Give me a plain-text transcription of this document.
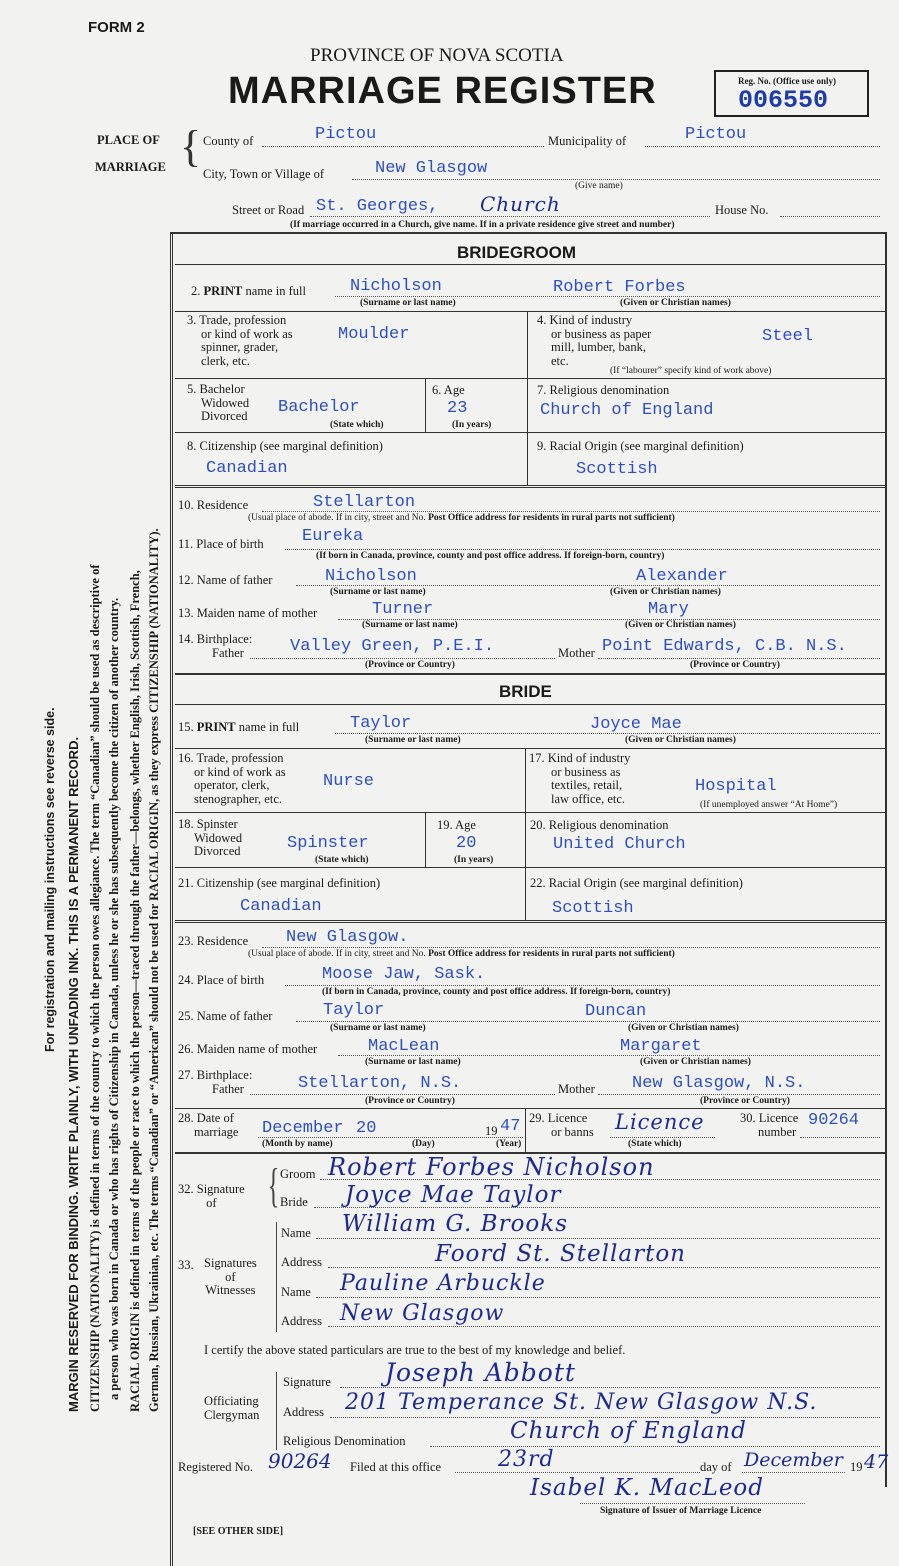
FORM 2
PROVINCE OF NOVA SCOTIA
MARRIAGE REGISTER	Reg. No. (Office use only)
006550
For registration and mailing instructions see reverse side. MARGIN RESERVED FOR BINDING. WRITE PLAINLY, WITH UNFADING INK. THIS IS A PERMANENT RECORD. CITIZENSHIP (NATIONALITY) is defined in terms of the country to which the person owes allegiance. The term “Canadian” should be used as descriptive of a person who was born in Canada or who has rights of Citizenship in Canada, unless he or she has subsequently become the citizen of another country. RACIAL ORIGIN is defined in terms of the people or race to which the person—traced through the father—belongs, whether English, Irish, Scottish, French, German, Russian, Ukrainian, etc. The terms “Canadian” or “American” should not be used for RACIAL ORIGIN, as they express CITIZENSHIP (NATIONALITY).
PLACE OF
MARRIAGE { County of	Pictou	Municipality of	Pictou
City, Town or Village of	New Glasgow
(Give name)
Street or Road St. Georges, Church	House No.
(If marriage occurred in a Church, give name. If in a private residence give street and number)
BRIDEGROOM
2. PRINT name in full	Nicholson	Robert Forbes
(Surname or last name)	(Given or Christian names)
3. Trade, profession
or kind of work as
spinner, grader,
clerk, etc.
Moulder
4. Kind of industry
or business as paper
mill, lumber, bank,
etc.
Steel
(If “labourer” specify kind of work above)
5. Bachelor
Widowed
Divorced Bachelor
(State which)
6. Age
23
(In years)
7. Religious denomination
Church of England
8. Citizenship (see marginal definition)
Canadian
9. Racial Origin (see marginal definition)
Scottish
10. Residence	Stellarton
(Usual place of abode. If in city, street and No. Post Office address for residents in rural parts not sufficient)
11. Place of birth Eureka
(If born in Canada, province, county and post office address. If foreign-born, country)
12. Name of father	Nicholson	Alexander
(Surname or last name)	(Given or Christian names)
13. Maiden name of mother	Turner	Mary
(Surname or last name)	(Given or Christian names)
14. Birthplace:
Father	Valley Green, P.E.I.	Mother Point Edwards, C.B. N.S.
(Province or Country)	(Province or Country)
BRIDE
15. PRINT name in full	Taylor	Joyce Mae
(Surname or last name)	(Given or Christian names)
16. Trade, profession
or kind of work as
operator, clerk,
stenographer, etc.
Nurse
17. Kind of industry
or business as
textiles, retail,
law office, etc.
Hospital
(If unemployed answer “At Home”)
18. Spinster
Widowed
Divorced	Spinster
(State which)
19. Age
20
(In years)
20. Religious denomination
United Church
21. Citizenship (see marginal definition)
Canadian
22. Racial Origin (see marginal definition)
Scottish
23. Residence New Glasgow.
(Usual place of abode. If in city, street and No. Post Office address for residents in rural parts not sufficient)
24. Place of birth	Moose Jaw, Sask.
(If born in Canada, province, county and post office address. If foreign-born, country)
25. Name of father	Taylor	Duncan
(Surname or last name)	(Given or Christian names)
26. Maiden name of mother	MacLean	Margaret
(Surname or last name)	(Given or Christian names)
27. Birthplace:
Father	Stellarton, N.S.	Mother New Glasgow, N.S.
(Province or Country)	(Province or Country)
28. Date of
marriage December 20	19 47
(Month by name)	(Day)	(Year)
29. Licence
or banns Licence
(State which)
30. Licence
number
90264
32. Signature
of	{ Groom Robert Forbes Nicholson
Bride Joyce Mae Taylor
33. Signatures
of
Witnesses
Name William G. Brooks
Address	Foord St. Stellarton
Name Pauline Arbuckle
Address New Glasgow
I certify the above stated particulars are true to the best of my knowledge and belief.
Officiating
Clergyman
Signature Joseph Abbott
Address 201 Temperance St. New Glasgow N.S.
Religious Denomination	Church of England
Registered No. 90264 Filed at this office	23rd	day of December 19 47
Isabel K. MacLeod
Signature of Issuer of Marriage Licence
[SEE OTHER SIDE]
